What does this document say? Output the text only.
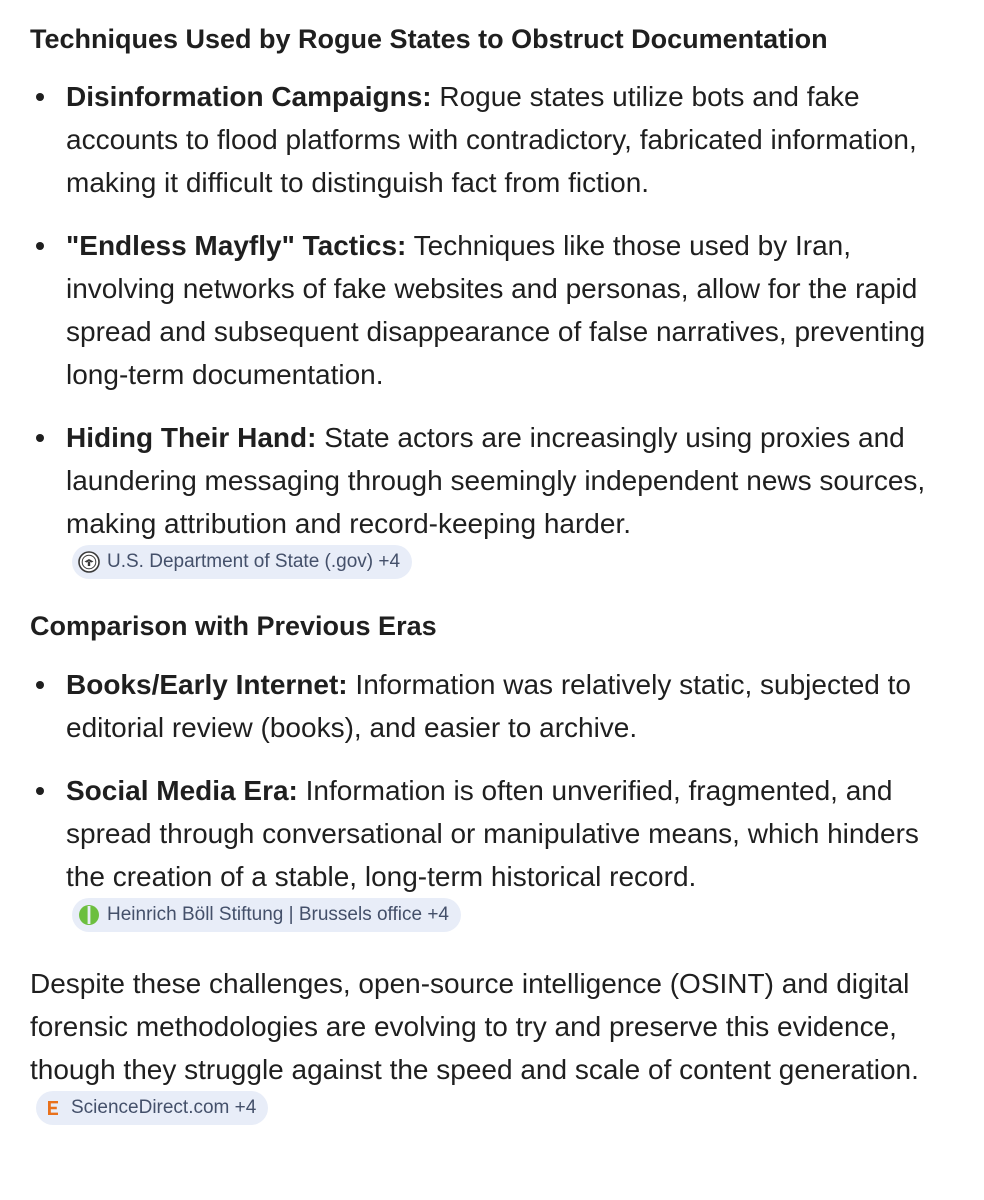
Techniques Used by Rogue States to Obstruct Documentation
Disinformation Campaigns: Rogue states utilize bots and fake accounts to flood platforms with contradictory, fabricated information, making it difficult to distinguish fact from fiction.
"Endless Mayfly" Tactics: Techniques like those used by Iran, involving networks of fake websites and personas, allow for the rapid spread and subsequent disappearance of false narratives, preventing long-term documentation.
Hiding Their Hand: State actors are increasingly using proxies and laundering messaging through seemingly independent news sources, making attribution and record-keeping harder.
U.S. Department of State (.gov) +4
Comparison with Previous Eras
Books/Early Internet: Information was relatively static, subjected to editorial review (books), and easier to archive.
Social Media Era: Information is often unverified, fragmented, and spread through conversational or manipulative means, which hinders the creation of a stable, long-term historical record.
Heinrich Böll Stiftung | Brussels office +4

Despite these challenges, open-source intelligence (OSINT) and digital forensic methodologies are evolving to try and preserve this evidence, though they struggle against the speed and scale of content generation.
ScienceDirect.com +4
